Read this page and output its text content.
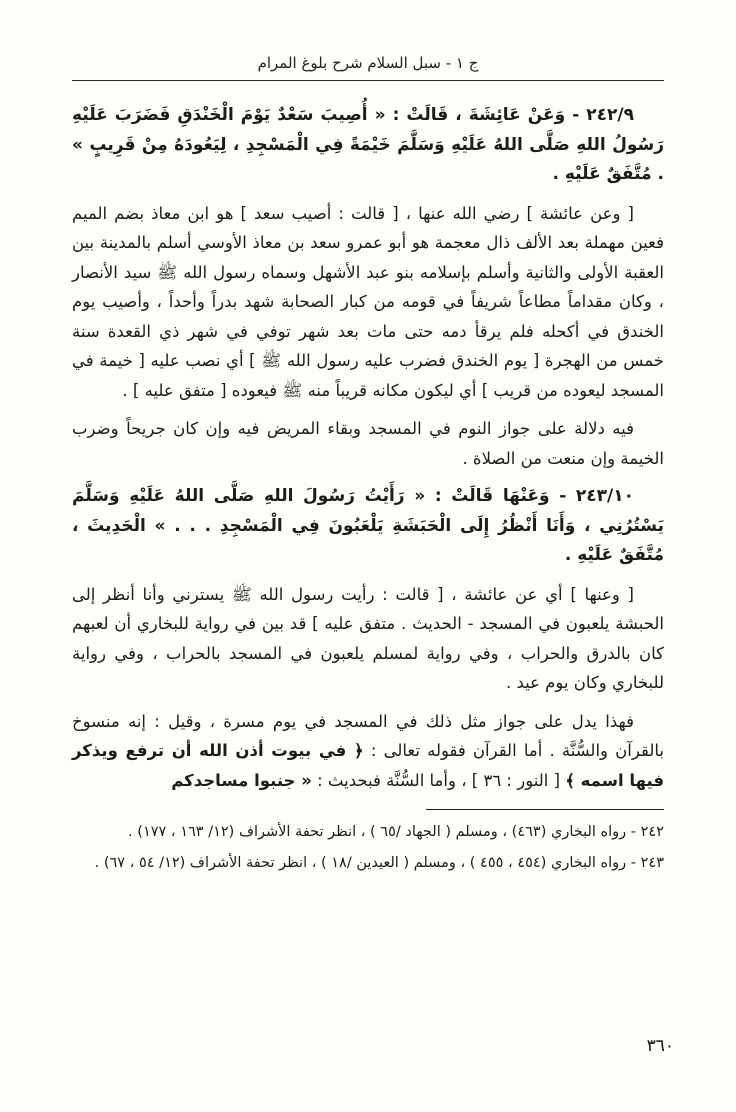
ج ١ - سبل السلام شرح بلوغ المرام

٢٤٢/٩ - وَعَنْ عَائِشَةَ ، قَالَتْ : « أُصِيبَ سَعْدٌ يَوْمَ الْخَنْدَقِ فَضَرَبَ عَلَيْهِ رَسُولُ اللهِ صَلَّى اللهُ عَلَيْهِ وَسَلَّمَ خَيْمَةً فِي الْمَسْجِدِ ، لِيَعُودَهُ مِنْ قَرِيبٍ » . مُتَّفَقٌ عَلَيْهِ .

[ وعن عائشة ] رضي الله عنها ، [ قالت : أصيب سعد ] هو ابن معاذ بضم الميم فعين مهملة بعد الألف ذال معجمة هو أبو عمرو سعد بن معاذ الأوسي أسلم بالمدينة بين العقبة الأولى والثانية وأسلم بإسلامه بنو عبد الأشهل وسماه رسول الله ﷺ سيد الأنصار ، وكان مقداماً مطاعاً شريفاً في قومه من كبار الصحابة شهد بدراً وأحداً ، وأصيب يوم الخندق في أكحله فلم يرقأ دمه حتى مات بعد شهر توفي في شهر ذي القعدة سنة خمس من الهجرة [ يوم الخندق فضرب عليه رسول الله ﷺ ] أي نصب عليه [ خيمة في المسجد ليعوده من قريب ] أي ليكون مكانه قريباً منه ﷺ فيعوده [ متفق عليه ] .

فيه دلالة على جواز النوم في المسجد وبقاء المريض فيه وإن كان جريحاً وضرب الخيمة وإن منعت من الصلاة .

٢٤٣/١٠ - وَعَنْهَا قَالَتْ : « رَأَيْتُ رَسُولَ اللهِ صَلَّى اللهُ عَلَيْهِ وَسَلَّمَ يَسْتُرُنِي ، وَأَنَا أَنْظُرُ إِلَى الْحَبَشَةِ يَلْعَبُونَ فِي الْمَسْجِدِ . . . » الْحَدِيثَ ، مُتَّفَقٌ عَلَيْهِ .

[ وعنها ] أي عن عائشة ، [ قالت : رأيت رسول الله ﷺ يسترني وأنا أنظر إلى الحبشة يلعبون في المسجد - الحديث . متفق عليه ] قد بين في رواية للبخاري أن لعبهم كان بالدرق والحراب ، وفي رواية لمسلم يلعبون في المسجد بالحراب ، وفي رواية للبخاري وكان يوم عيد .

فهذا يدل على جواز مثل ذلك في المسجد في يوم مسرة ، وقيل : إنه منسوخ بالقرآن والسُّنَّة . أما القرآن فقوله تعالى : ﴿ في بيوت أذن الله أن ترفع ويذكر فيها اسمه ﴾ [ النور : ٣٦ ] ، وأما السُّنَّة فبحديث : « جنبوا مساجدكم

٢٤٢ - رواه البخاري (٤٦٣) ، ومسلم ( الجهاد /٦٥ ) ، انظر تحفة الأشراف (١٢/ ١٦٣ ، ١٧٧) .

٢٤٣ - رواه البخاري (٤٥٤ ، ٤٥٥ ) ، ومسلم ( العيدين /١٨ ) ، انظر تحفة الأشراف (١٢/ ٥٤ ، ٦٧) .

٣٦٠
